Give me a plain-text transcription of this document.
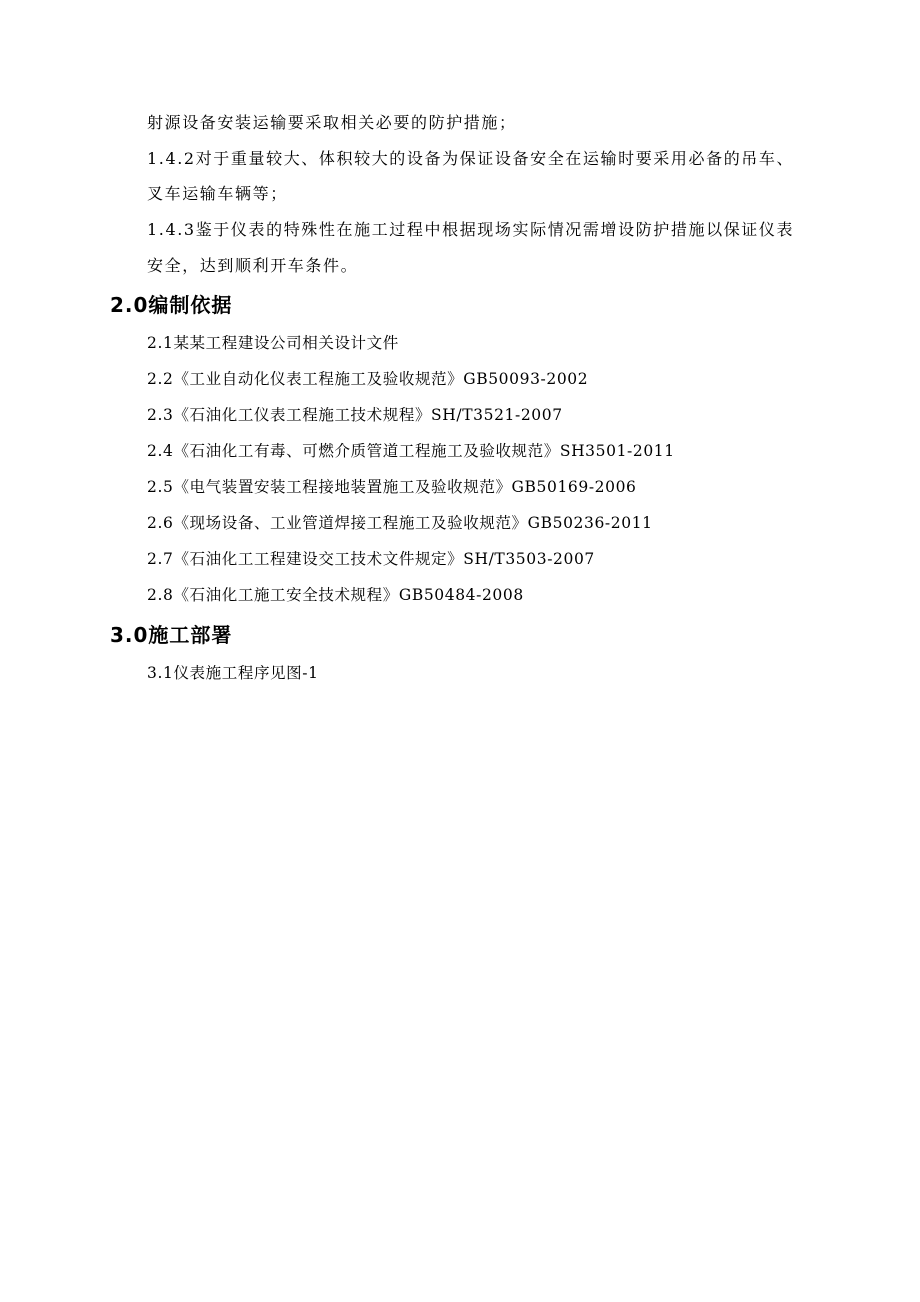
射源设备安装运输要采取相关必要的防护措施；
1.4.2对于重量较大、体积较大的设备为保证设备安全在运输时要采用必备的吊车、
叉车运输车辆等；
1.4.3鉴于仪表的特殊性在施工过程中根据现场实际情况需增设防护措施以保证仪表
安全，达到顺利开车条件。
2.0编制依据
2.1某某工程建设公司相关设计文件
2.2《工业自动化仪表工程施工及验收规范》GB50093-2002
2.3《石油化工仪表工程施工技术规程》SH/T3521-2007
2.4《石油化工有毒、可燃介质管道工程施工及验收规范》SH3501-2011
2.5《电气装置安装工程接地装置施工及验收规范》GB50169-2006
2.6《现场设备、工业管道焊接工程施工及验收规范》GB50236-2011
2.7《石油化工工程建设交工技术文件规定》SH/T3503-2007
2.8《石油化工施工安全技术规程》GB50484-2008
3.0施工部署
3.1仪表施工程序见图-1
